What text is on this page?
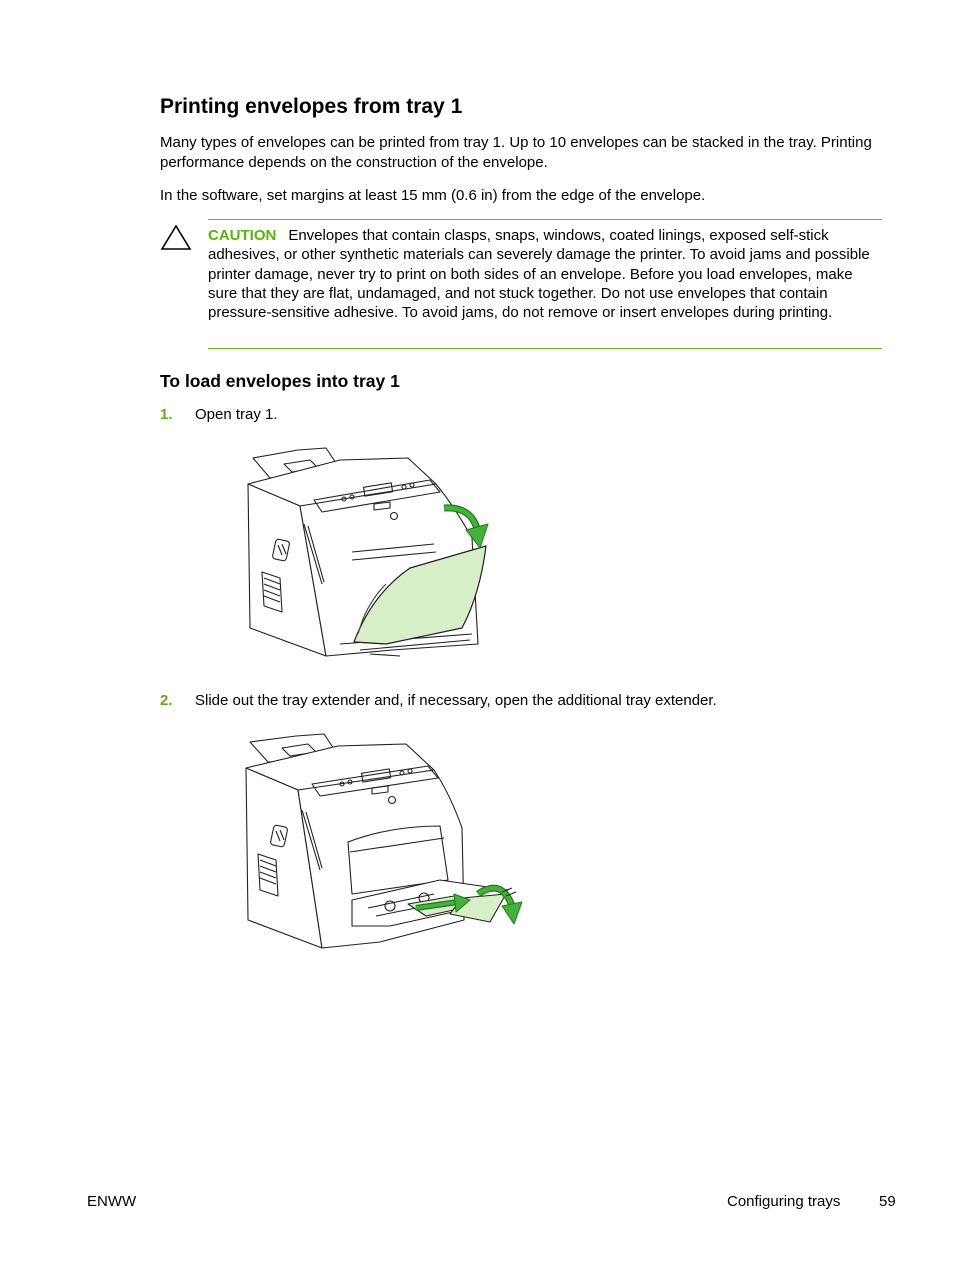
Printing envelopes from tray 1

Many types of envelopes can be printed from tray 1. Up to 10 envelopes can be stacked in the tray. Printing performance depends on the construction of the envelope.

In the software, set margins at least 15 mm (0.6 in) from the edge of the envelope.

CAUTION Envelopes that contain clasps, snaps, windows, coated linings, exposed self-stick adhesives, or other synthetic materials can severely damage the printer. To avoid jams and possible printer damage, never try to print on both sides of an envelope. Before you load envelopes, make sure that they are flat, undamaged, and not stuck together. Do not use envelopes that contain pressure-sensitive adhesive. To avoid jams, do not remove or insert envelopes during printing.

To load envelopes into tray 1
1. Open tray 1.
2. Slide out the tray extender and, if necessary, open the additional tray extender.
ENWW	Configuring trays	59
